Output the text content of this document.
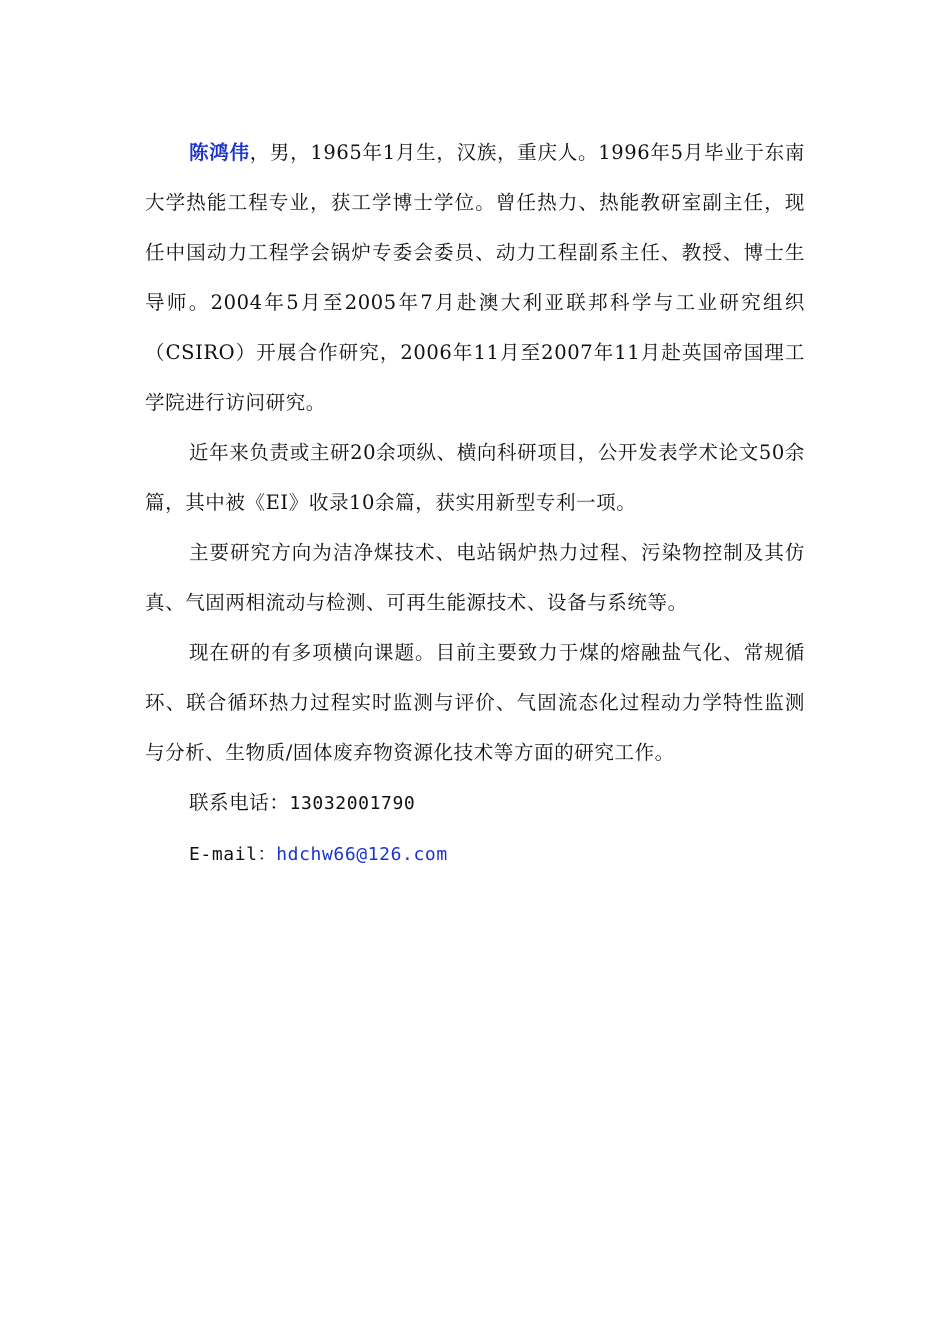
陈鸿伟，男，1965年1月生，汉族，重庆人。1996年5月毕业于东南大学热能工程专业，获工学博士学位。曾任热力、热能教研室副主任，现任中国动力工程学会锅炉专委会委员、动力工程副系主任、教授、博士生导师。2004年5月至2005年7月赴澳大利亚联邦科学与工业研究组织（CSIRO）开展合作研究，2006年11月至2007年11月赴英国帝国理工学院进行访问研究。

近年来负责或主研20余项纵、横向科研项目，公开发表学术论文50余篇，其中被《EI》收录10余篇，获实用新型专利一项。

主要研究方向为洁净煤技术、电站锅炉热力过程、污染物控制及其仿真、气固两相流动与检测、可再生能源技术、设备与系统等。

现在研的有多项横向课题。目前主要致力于煤的熔融盐气化、常规循环、联合循环热力过程实时监测与评价、气固流态化过程动力学特性监测与分析、生物质/固体废弃物资源化技术等方面的研究工作。

联系电话：13032001790

E-mail：hdchw66@126.com
